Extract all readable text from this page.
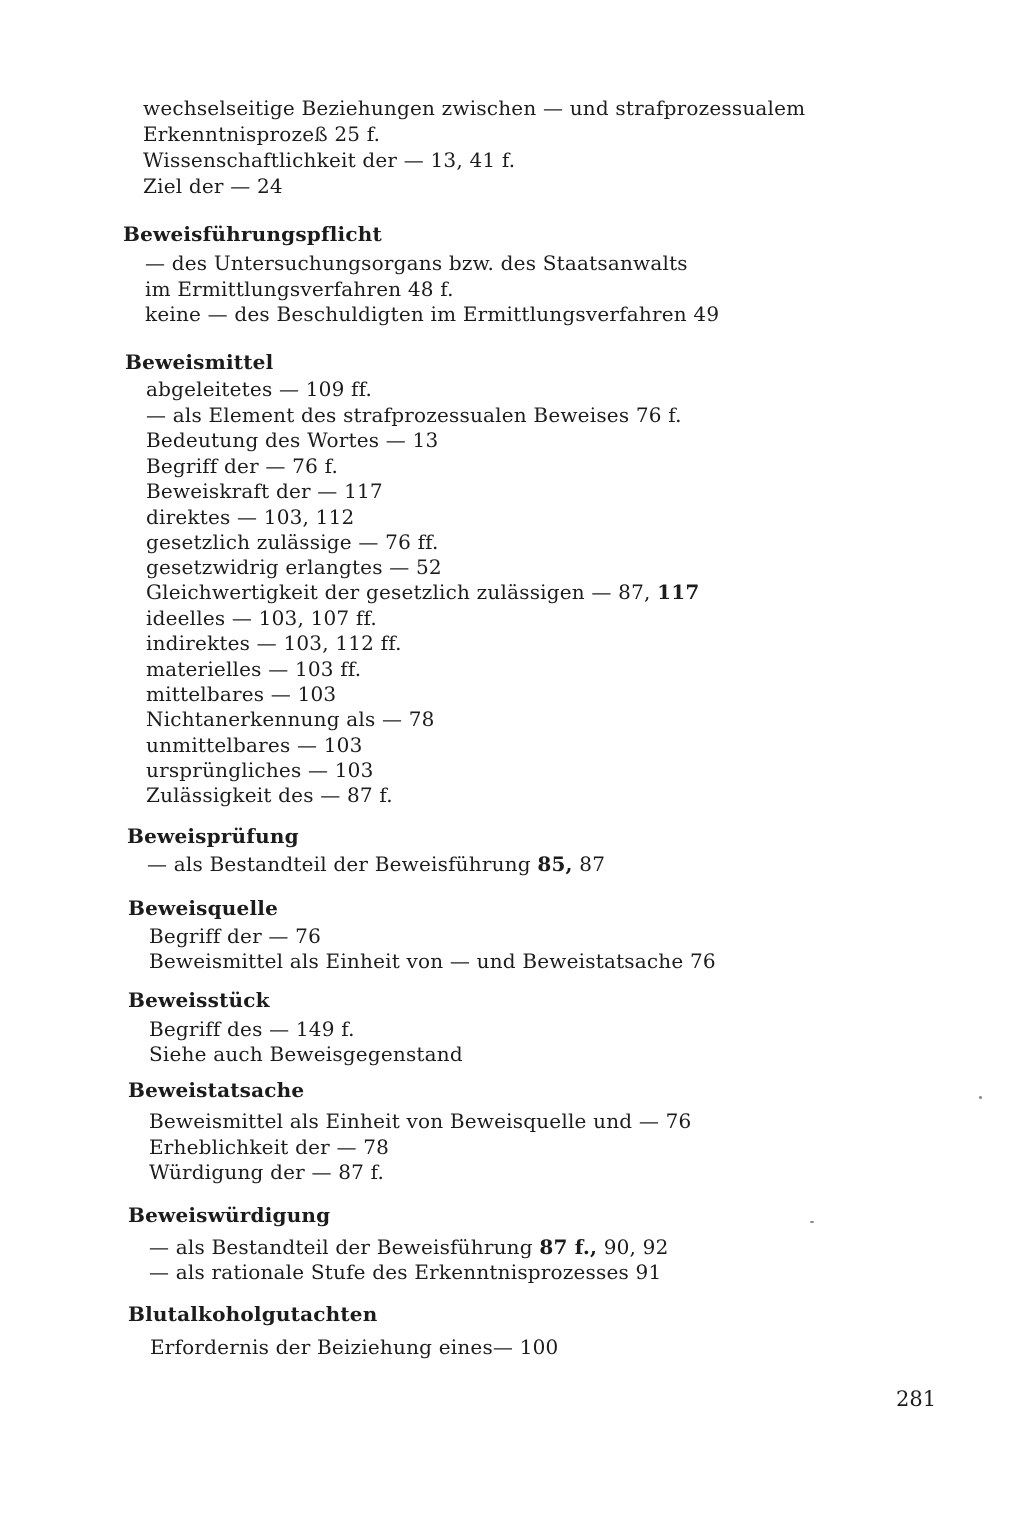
wechselseitige Beziehungen zwischen — und strafprozessualem
Erkenntnisprozeß 25 f.
Wissenschaftlichkeit der — 13, 41 f.
Ziel der — 24
Beweisführungspflicht
— des Untersuchungsorgans bzw. des Staatsanwalts
im Ermittlungsverfahren 48 f.
keine — des Beschuldigten im Ermittlungsverfahren 49
Beweismittel
abgeleitetes — 109 ff.
— als Element des strafprozessualen Beweises 76 f.
Bedeutung des Wortes — 13
Begriff der — 76 f.
Beweiskraft der — 117
direktes — 103, 112
gesetzlich zulässige — 76 ff.
gesetzwidrig erlangtes — 52
Gleichwertigkeit der gesetzlich zulässigen — 87, 117
ideelles — 103, 107 ff.
indirektes — 103, 112 ff.
materielles — 103 ff.
mittelbares — 103
Nichtanerkennung als — 78
unmittelbares — 103
ursprüngliches — 103
Zulässigkeit des — 87 f.
Beweisprüfung
— als Bestandteil der Beweisführung 85, 87
Beweisquelle
Begriff der — 76
Beweismittel als Einheit von — und Beweistatsache 76
Beweisstück
Begriff des — 149 f.
Siehe auch Beweisgegenstand
Beweistatsache
Beweismittel als Einheit von Beweisquelle und — 76
Erheblichkeit der — 78
Würdigung der — 87 f.
Beweiswürdigung
— als Bestandteil der Beweisführung 87 f., 90, 92
— als rationale Stufe des Erkenntnisprozesses 91
Blutalkoholgutachten
Erfordernis der Beiziehung eines— 100
281
